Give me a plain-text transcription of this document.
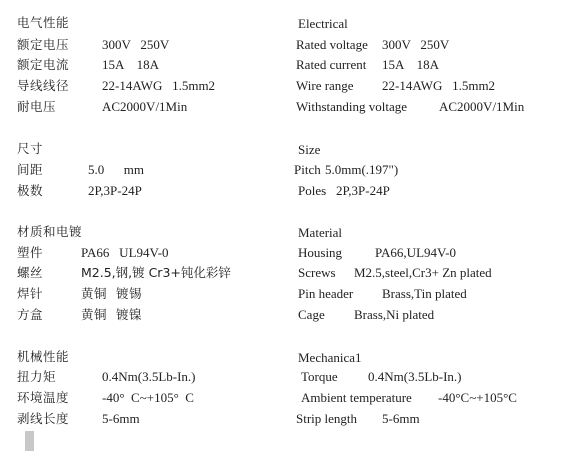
电气性能
额定电压	300V   250V
额定电流	15A    18A
导线线径	22-14AWG   1.5mm2
耐电压	AC2000V/1Min
尺寸
间距	5.0      mm
极数	2P,3P-24P
材质和电镀
塑件	PA66   UL94V-0
螺丝	M2.5,钢,镀 Cr3+钝化彩锌
焊针	黄铜  镀锡
方盒	黄铜  镀镍
机械性能
扭力矩	0.4Nm(3.5Lb-In.)
环境温度	-40°  C~+105°  C
剥线长度	5-6mm
Electrical
Rated voltage 300V   250V
Rated current 15A    18A
Wire range 22-14AWG   1.5mm2
Withstanding voltage AC2000V/1Min
Size
Pitch 5.0mm(.197")
Poles 2P,3P-24P
Material
Housing	PA66,UL94V-0
Screws M2.5,steel,Cr3+ Zn plated
Pin header Brass,Tin plated
Cage Brass,Ni plated
Mechanica1
Torque 0.4Nm(3.5Lb-In.)
Ambient temperature -40°C~+105°C
Strip length 5-6mm
